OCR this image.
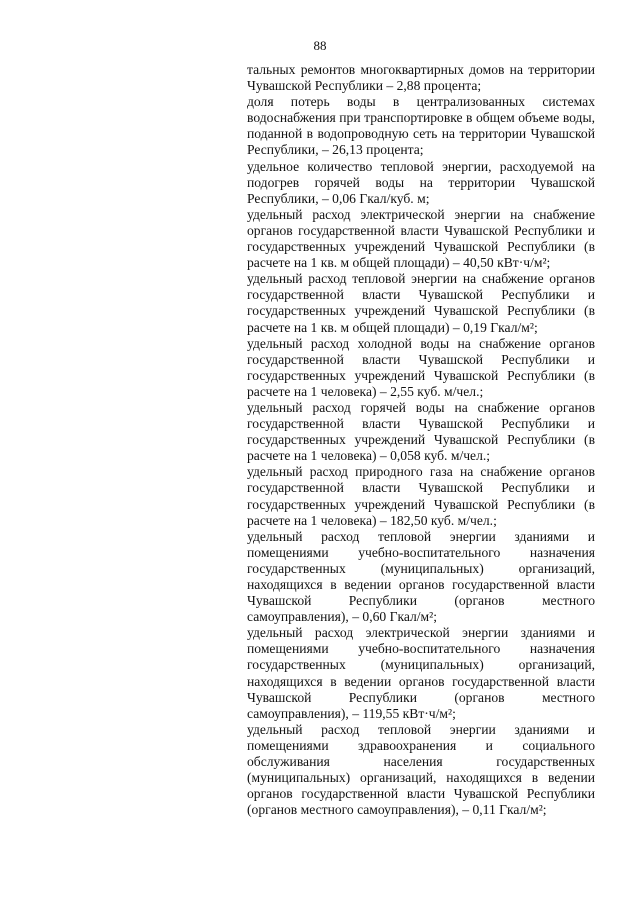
88

тальных ремонтов многоквартирных домов на территории Чувашской Республики – 2,88 процента;

доля потерь воды в централизованных системах водоснабжения при транспортировке в общем объеме воды, поданной в водопроводную сеть на территории Чувашской Республики, – 26,13 процента;

удельное количество тепловой энергии, расходуемой на подогрев горячей воды на территории Чувашской Республики, – 0,06 Гкал/куб. м;

удельный расход электрической энергии на снабжение органов государственной власти Чувашской Республики и государственных учреждений Чувашской Республики (в расчете на 1 кв. м общей площади) – 40,50 кВт·ч/м²;

удельный расход тепловой энергии на снабжение органов государственной власти Чувашской Республики и государственных учреждений Чувашской Республики (в расчете на 1 кв. м общей площади) – 0,19 Гкал/м²;

удельный расход холодной воды на снабжение органов государственной власти Чувашской Республики и государственных учреждений Чувашской Республики (в расчете на 1 человека) – 2,55 куб. м/чел.;

удельный расход горячей воды на снабжение органов государственной власти Чувашской Республики и государственных учреждений Чувашской Республики (в расчете на 1 человека) – 0,058 куб. м/чел.;

удельный расход природного газа на снабжение органов государственной власти Чувашской Республики и государственных учреждений Чувашской Республики (в расчете на 1 человека) – 182,50 куб. м/чел.;

удельный расход тепловой энергии зданиями и помещениями учебно-воспитательного назначения государственных (муниципальных) организаций, находящихся в ведении органов государственной власти Чувашской Республики (органов местного самоуправления), – 0,60 Гкал/м²;

удельный расход электрической энергии зданиями и помещениями учебно-воспитательного назначения государственных (муниципальных) организаций, находящихся в ведении органов государственной власти Чувашской Республики (органов местного самоуправления), – 119,55 кВт·ч/м²;

удельный расход тепловой энергии зданиями и помещениями здравоохранения и социального обслуживания населения государственных (муниципальных) организаций, находящихся в ведении органов государственной власти Чувашской Республики (органов местного самоуправления), – 0,11 Гкал/м²;
